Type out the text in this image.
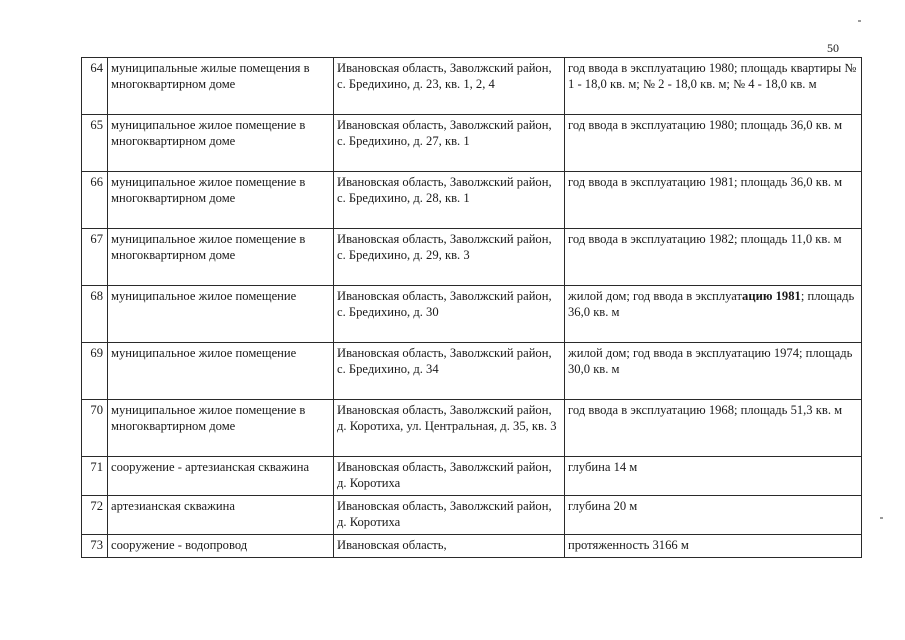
50
64	муниципальные жилые помещения в многоквартирном доме	Ивановская область, Заволжский район, с. Бредихино, д. 23, кв. 1, 2, 4	год ввода в эксплуатацию 1980; площадь квартиры № 1 - 18,0 кв. м; № 2 - 18,0 кв. м; № 4 - 18,0 кв. м
65	муниципальное жилое помещение в многоквартирном доме	Ивановская область, Заволжский район, с. Бредихино, д. 27, кв. 1	год ввода в эксплуатацию 1980; площадь 36,0 кв. м
66	муниципальное жилое помещение в многоквартирном доме	Ивановская область, Заволжский район, с. Бредихино, д. 28, кв. 1	год ввода в эксплуатацию 1981; площадь 36,0 кв. м
67	муниципальное жилое помещение в многоквартирном доме	Ивановская область, Заволжский район, с. Бредихино, д. 29, кв. 3	год ввода в эксплуатацию 1982; площадь 11,0 кв. м
68	муниципальное жилое помещение	Ивановская область, Заволжский район, с. Бредихино, д. 30	жилой дом; год ввода в эксплуатацию 1981; площадь 36,0 кв. м
69	муниципальное жилое помещение	Ивановская область, Заволжский район, с. Бредихино, д. 34	жилой дом; год ввода в эксплуатацию 1974; площадь 30,0 кв. м
70	муниципальное жилое помещение в многоквартирном доме	Ивановская область, Заволжский район, д. Коротиха, ул. Центральная, д. 35, кв. 3	год ввода в эксплуатацию 1968; площадь 51,3 кв. м
71	сооружение - артезианская скважина	Ивановская область, Заволжский район, д. Коротиха	глубина 14 м
72	артезианская скважина	Ивановская область, Заволжский район, д. Коротиха	глубина 20 м
73	сооружение - водопровод	Ивановская область,	протяженность 3166 м
